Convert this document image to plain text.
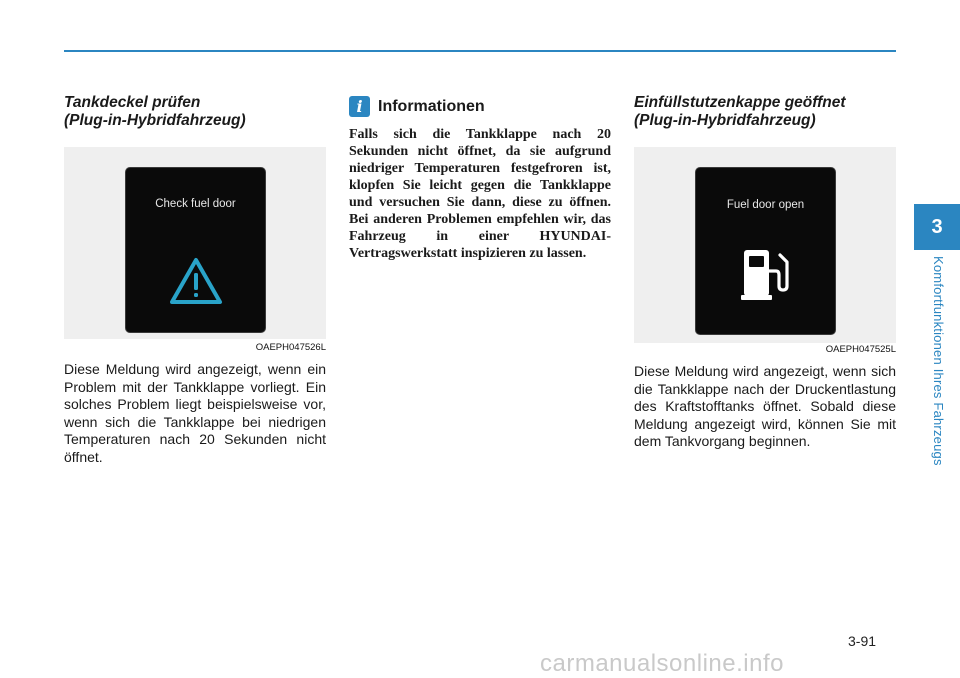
Tankdeckel prüfen
(Plug-in-Hybridfahrzeug)
Check fuel door
OAEPH047526L

Diese Meldung wird angezeigt, wenn ein Problem mit der Tankklappe vorliegt. Ein solches Problem liegt beispielsweise vor, wenn sich die Tankklappe bei niedrigen Temperaturen nach 20 Sekunden nicht öffnet.

i Informationen

Falls sich die Tankklappe nach 20 Sekunden nicht öffnet, da sie aufgrund niedriger Temperaturen festgefroren ist, klopfen Sie leicht gegen die Tankklappe und versuchen Sie dann, diese zu öffnen. Bei anderen Problemen empfehlen wir, das Fahrzeug in einer HYUNDAI-Vertragswerkstatt inspizieren zu lassen.

Einfüllstutzenkappe geöffnet
(Plug-in-Hybridfahrzeug)
Fuel door open
OAEPH047525L

Diese Meldung wird angezeigt, wenn sich die Tankklappe nach der Druckentlastung des Kraftstofftanks öffnet. Sobald diese Meldung angezeigt wird, können Sie mit dem Tankvorgang beginnen.

3
Komfortfunktionen Ihres Fahrzeugs
3-91
carmanualsonline.info
